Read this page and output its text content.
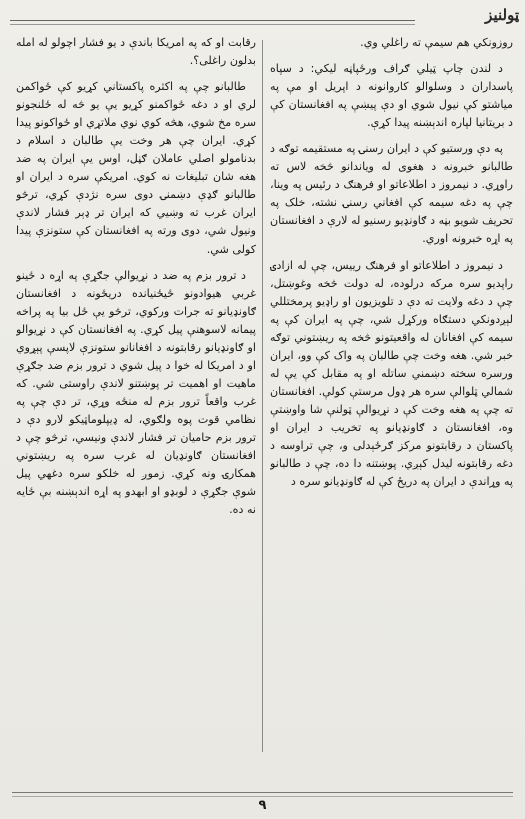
ټولنيز

روزونکي هم سيمې ته راغلي وي.

د لندن چاپ ټيلي ګراف ورځپاڼه ليکي: د سپاه پاسداران د وسلوالو کاروانونه د اپريل او مې په مياشتو کې نيول شوي او دې پيښې په افغانستان کې د بريتانيا لپاره اندېښنه پيدا کړې.

په دې ورستيو کې د ايران رسنۍ په مستقيمه توګه د طالبانو خبرونه د هغوی له وياندانو څخه لاس ته راوړي. د نيمروز د اطلاعاتو او فرهنګ د رئيس په وينا، چې په دغه سيمه کې افغاني رسنۍ نشته، خلک په تحريف شويو بڼه د ګاونډيو رسنيو له لارې د افغانستان په اړه خبرونه اوري.

د نيمروز د اطلاعاتو او فرهنګ رييس، چې له ازادۍ راپديو سره مرکه درلوده، له دولت څخه وغوښتل، چې د دغه ولايت ته دې د تلويزيون او راډيو پرمختللي لېږدونکي دستګاه ورکړل شي، چې په ايران کې په سيمه کې افغانان له واقعيتونو څخه په ريښتوني توګه خبر شي. هغه وخت چې طالبان په واک کې وو، ايران ورسره سخته دښمني ساتله او په مقابل کې يې له شمالي ټلوالې سره هر ډول مرستې کولې. افغانستان ته چې په هغه وخت کې د نړيوالې ټولنې شا واوښتې وه، افغانستان د ګاونډيانو په تخريب د ايران او پاکستان د رقابتونو مرکز ګرځېدلی و، چې تراوسه د دغه رقابتونه ليدل کېږي. پوښتنه دا ده، چې د طالبانو په وړاندې د ايران په دريځ کې له ګاونډيانو سره د

رقابت او که په امريکا باندې د يو فشار اچولو له امله بدلون راغلی؟.

طالبانو چې په اکثره پاکستاني کړيو کې ځواکمن لري او د دغه ځواکمنو کړيو يې يو څه له ځلنجونو سره مخ شوي، هڅه کوي نوي ملاتړي او ځواکونو پيدا کړي. ايران چې هر وخت يې طالبان د اسلام د بدنامولو اصلي عاملان ګڼل، اوس يې ايران په ضد هغه شان تبليغات نه کوي. امريکې سره د ايران او طالبانو ګډې دښمنۍ دوی سره نژدې کړي، ترڅو ايران غرب ته وښيي که ايران تر ډېر فشار لاندې ونيول شي، دوی ورته په افغانستان کې ستونزې پيدا کولی شي.

د ترور بزم په ضد د نړيوالې جګړې په اړه د ځينو غربي هيوادونو ځيځنيانده دريځونه د افغانستان ګاونډيانو ته جرات ورکوي، ترڅو يې ځل بيا په پراخه پيمانه لاسوهنې پيل کړي. په افغانستان کې د نړيوالو او ګاونډيانو رقابتونه د افغانانو ستونزې لاپسې پېړوي او د امريکا له خوا د پيل شوي د ترور بزم ضد جګړې ماهيت او اهميت تر پوښتنو لاندې راوستی شي. که غرب واقعاً ترور بزم له منځه وړي، تر دې چې په نظامي قوت پوه ولګوي، له ډيپلوماټيکو لارو دې د ترور بزم حاميان تر فشار لاندې ونيسي، ترڅو چې د افغانستان ګاونډيان له غرب سره په ريښتوني همکارۍ ونه کړي. زموږ له خلکو سره دغهي پيل شوې جګړې د لوبډو او ابهدو په اړه اندېښنه بې ځايه نه ده.

۹
